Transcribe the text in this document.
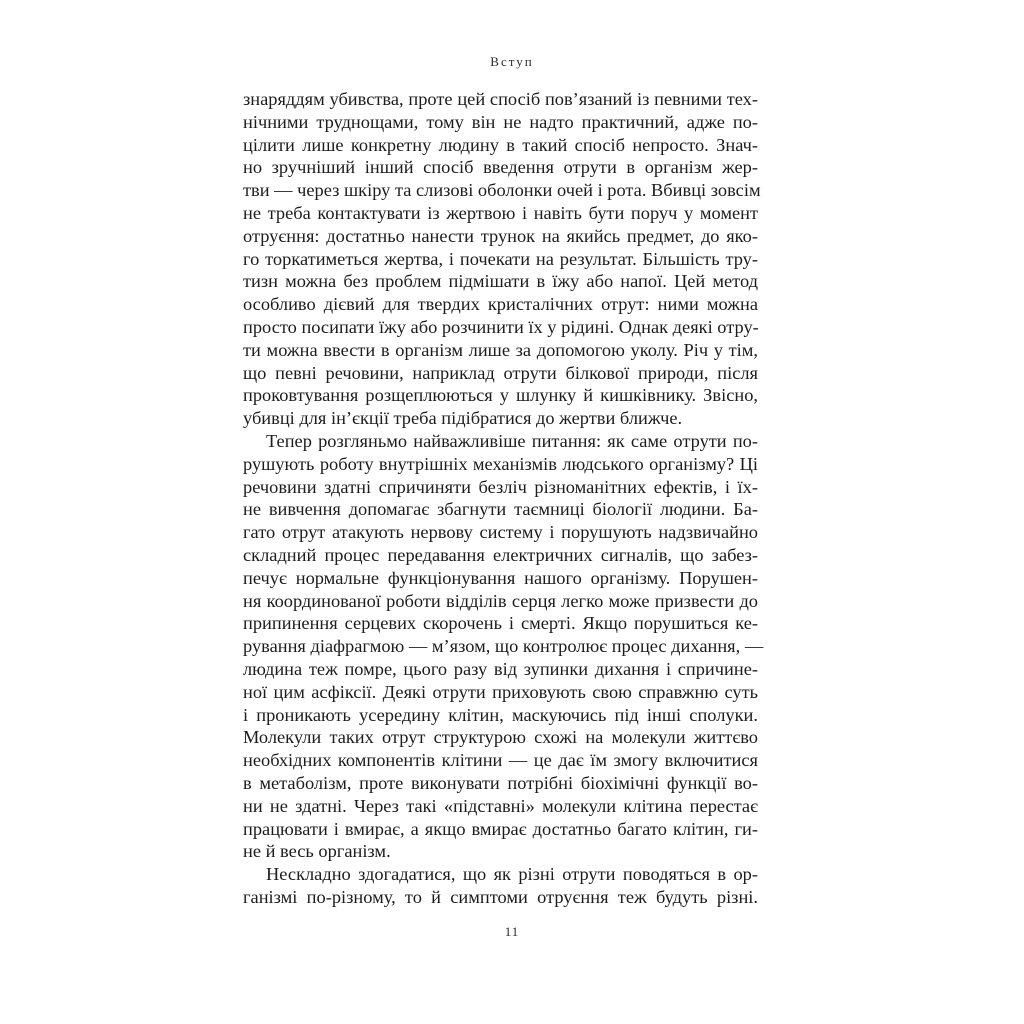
Вступ
знаряддям убивства, проте цей спосіб пов’язаний із певними тех-
нічними труднощами, тому він не надто практичний, адже по-
цілити лише конкретну людину в такий спосіб непросто. Знач-
но зручніший інший спосіб введення отрути в організм жер-
тви — через шкіру та слизові оболонки очей і рота. Вбивці зовсім
не треба контактувати із жертвою і навіть бути поруч у момент
отруєння: достатньо нанести трунок на якийсь предмет, до яко-
го торкатиметься жертва, і почекати на результат. Більшість тру-
тизн можна без проблем підмішати в їжу або напої. Цей метод
особливо дієвий для твердих кристалічних отрут: ними можна
просто посипати їжу або розчинити їх у рідині. Однак деякі отру-
ти можна ввести в організм лише за допомогою уколу. Річ у тім,
що певні речовини, наприклад отрути білкової природи, після
проковтування розщеплюються у шлунку й кишківнику. Звісно,
убивці для ін’єкції треба підібратися до жертви ближче.
Тепер розгляньмо найважливіше питання: як саме отрути по-
рушують роботу внутрішніх механізмів людського організму? Ці
речовини здатні спричиняти безліч різноманітних ефектів, і їх-
не вивчення допомагає збагнути таємниці біології людини. Ба-
гато отрут атакують нервову систему і порушують надзвичайно
складний процес передавання електричних сигналів, що забез-
печує нормальне функціонування нашого організму. Порушен-
ня координованої роботи відділів серця легко може призвести до
припинення серцевих скорочень і смерті. Якщо порушиться ке-
рування діафрагмою — м’язом, що контролює процес дихання, —
людина теж помре, цього разу від зупинки дихання і спричине-
ної цим асфіксії. Деякі отрути приховують свою справжню суть
і проникають усередину клітин, маскуючись під інші сполуки.
Молекули таких отрут структурою схожі на молекули життєво
необхідних компонентів клітини — це дає їм змогу включитися
в метаболізм, проте виконувати потрібні біохімічні функції во-
ни не здатні. Через такі «підставні» молекули клітина перестає
працювати і вмирає, а якщо вмирає достатньо багато клітин, ги-
не й весь організм.
Нескладно здогадатися, що як різні отрути поводяться в ор-
ганізмі по-різному, то й симптоми отруєння теж будуть різні.
11
